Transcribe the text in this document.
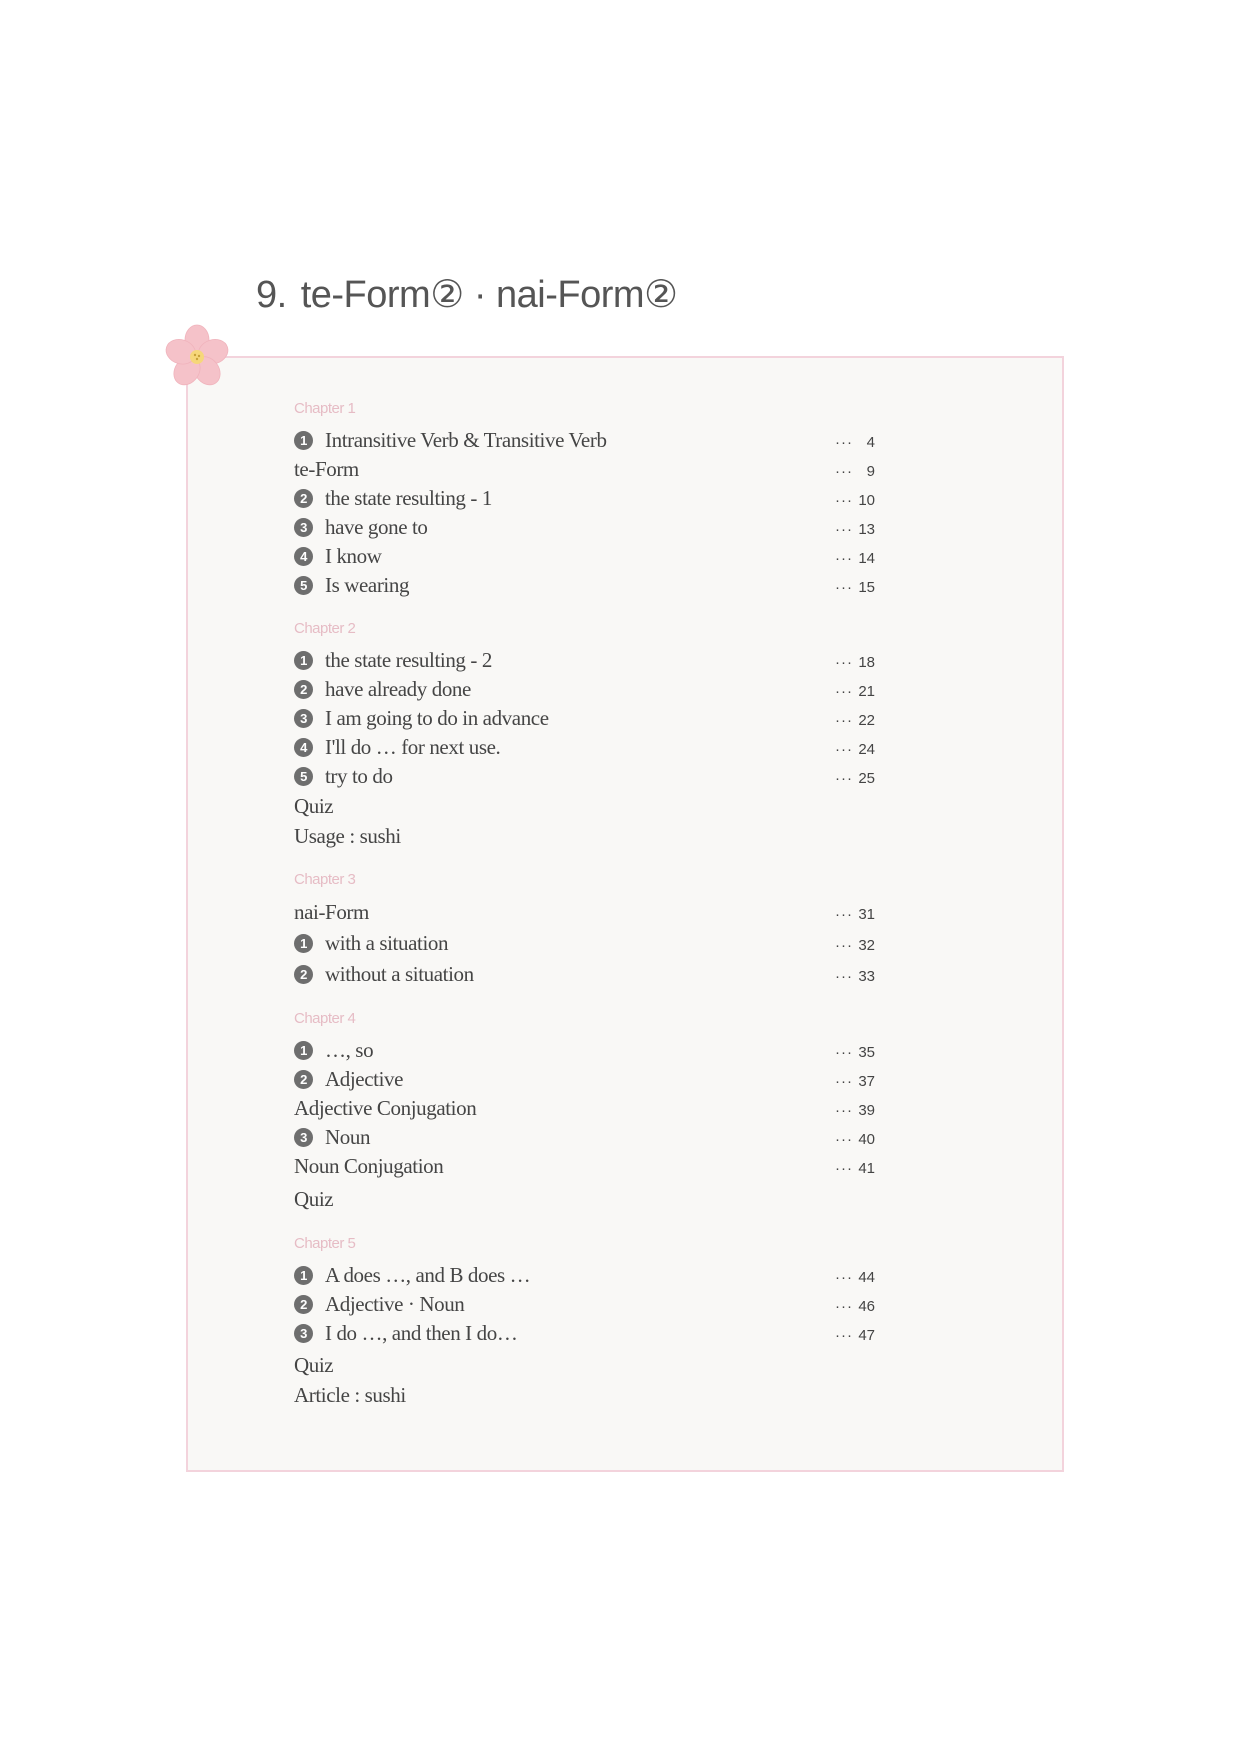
9. te-Form② · nai-Form②
Chapter 1
1 Intransitive Verb & Transitive Verb	··· 4
te-Form	··· 9
2 the state resulting - 1	··· 10
3 have gone to	··· 13
4 I know	··· 14
5 Is wearing	··· 15
Chapter 2
1 the state resulting - 2	··· 18
2 have already done	··· 21
3 I am going to do in advance	··· 22
4 I'll do … for next use.	··· 24
5 try to do	··· 25
Quiz
Usage : sushi
Chapter 3
nai-Form	··· 31
1 with a situation	··· 32
2 without a situation	··· 33
Chapter 4
1 …, so	··· 35
2 Adjective	··· 37
Adjective Conjugation	··· 39
3 Noun	··· 40
Noun Conjugation	··· 41
Quiz
Chapter 5
1 A does …, and B does …	··· 44
2 Adjective · Noun	··· 46
3 I do …, and then I do…	··· 47
Quiz
Article : sushi
